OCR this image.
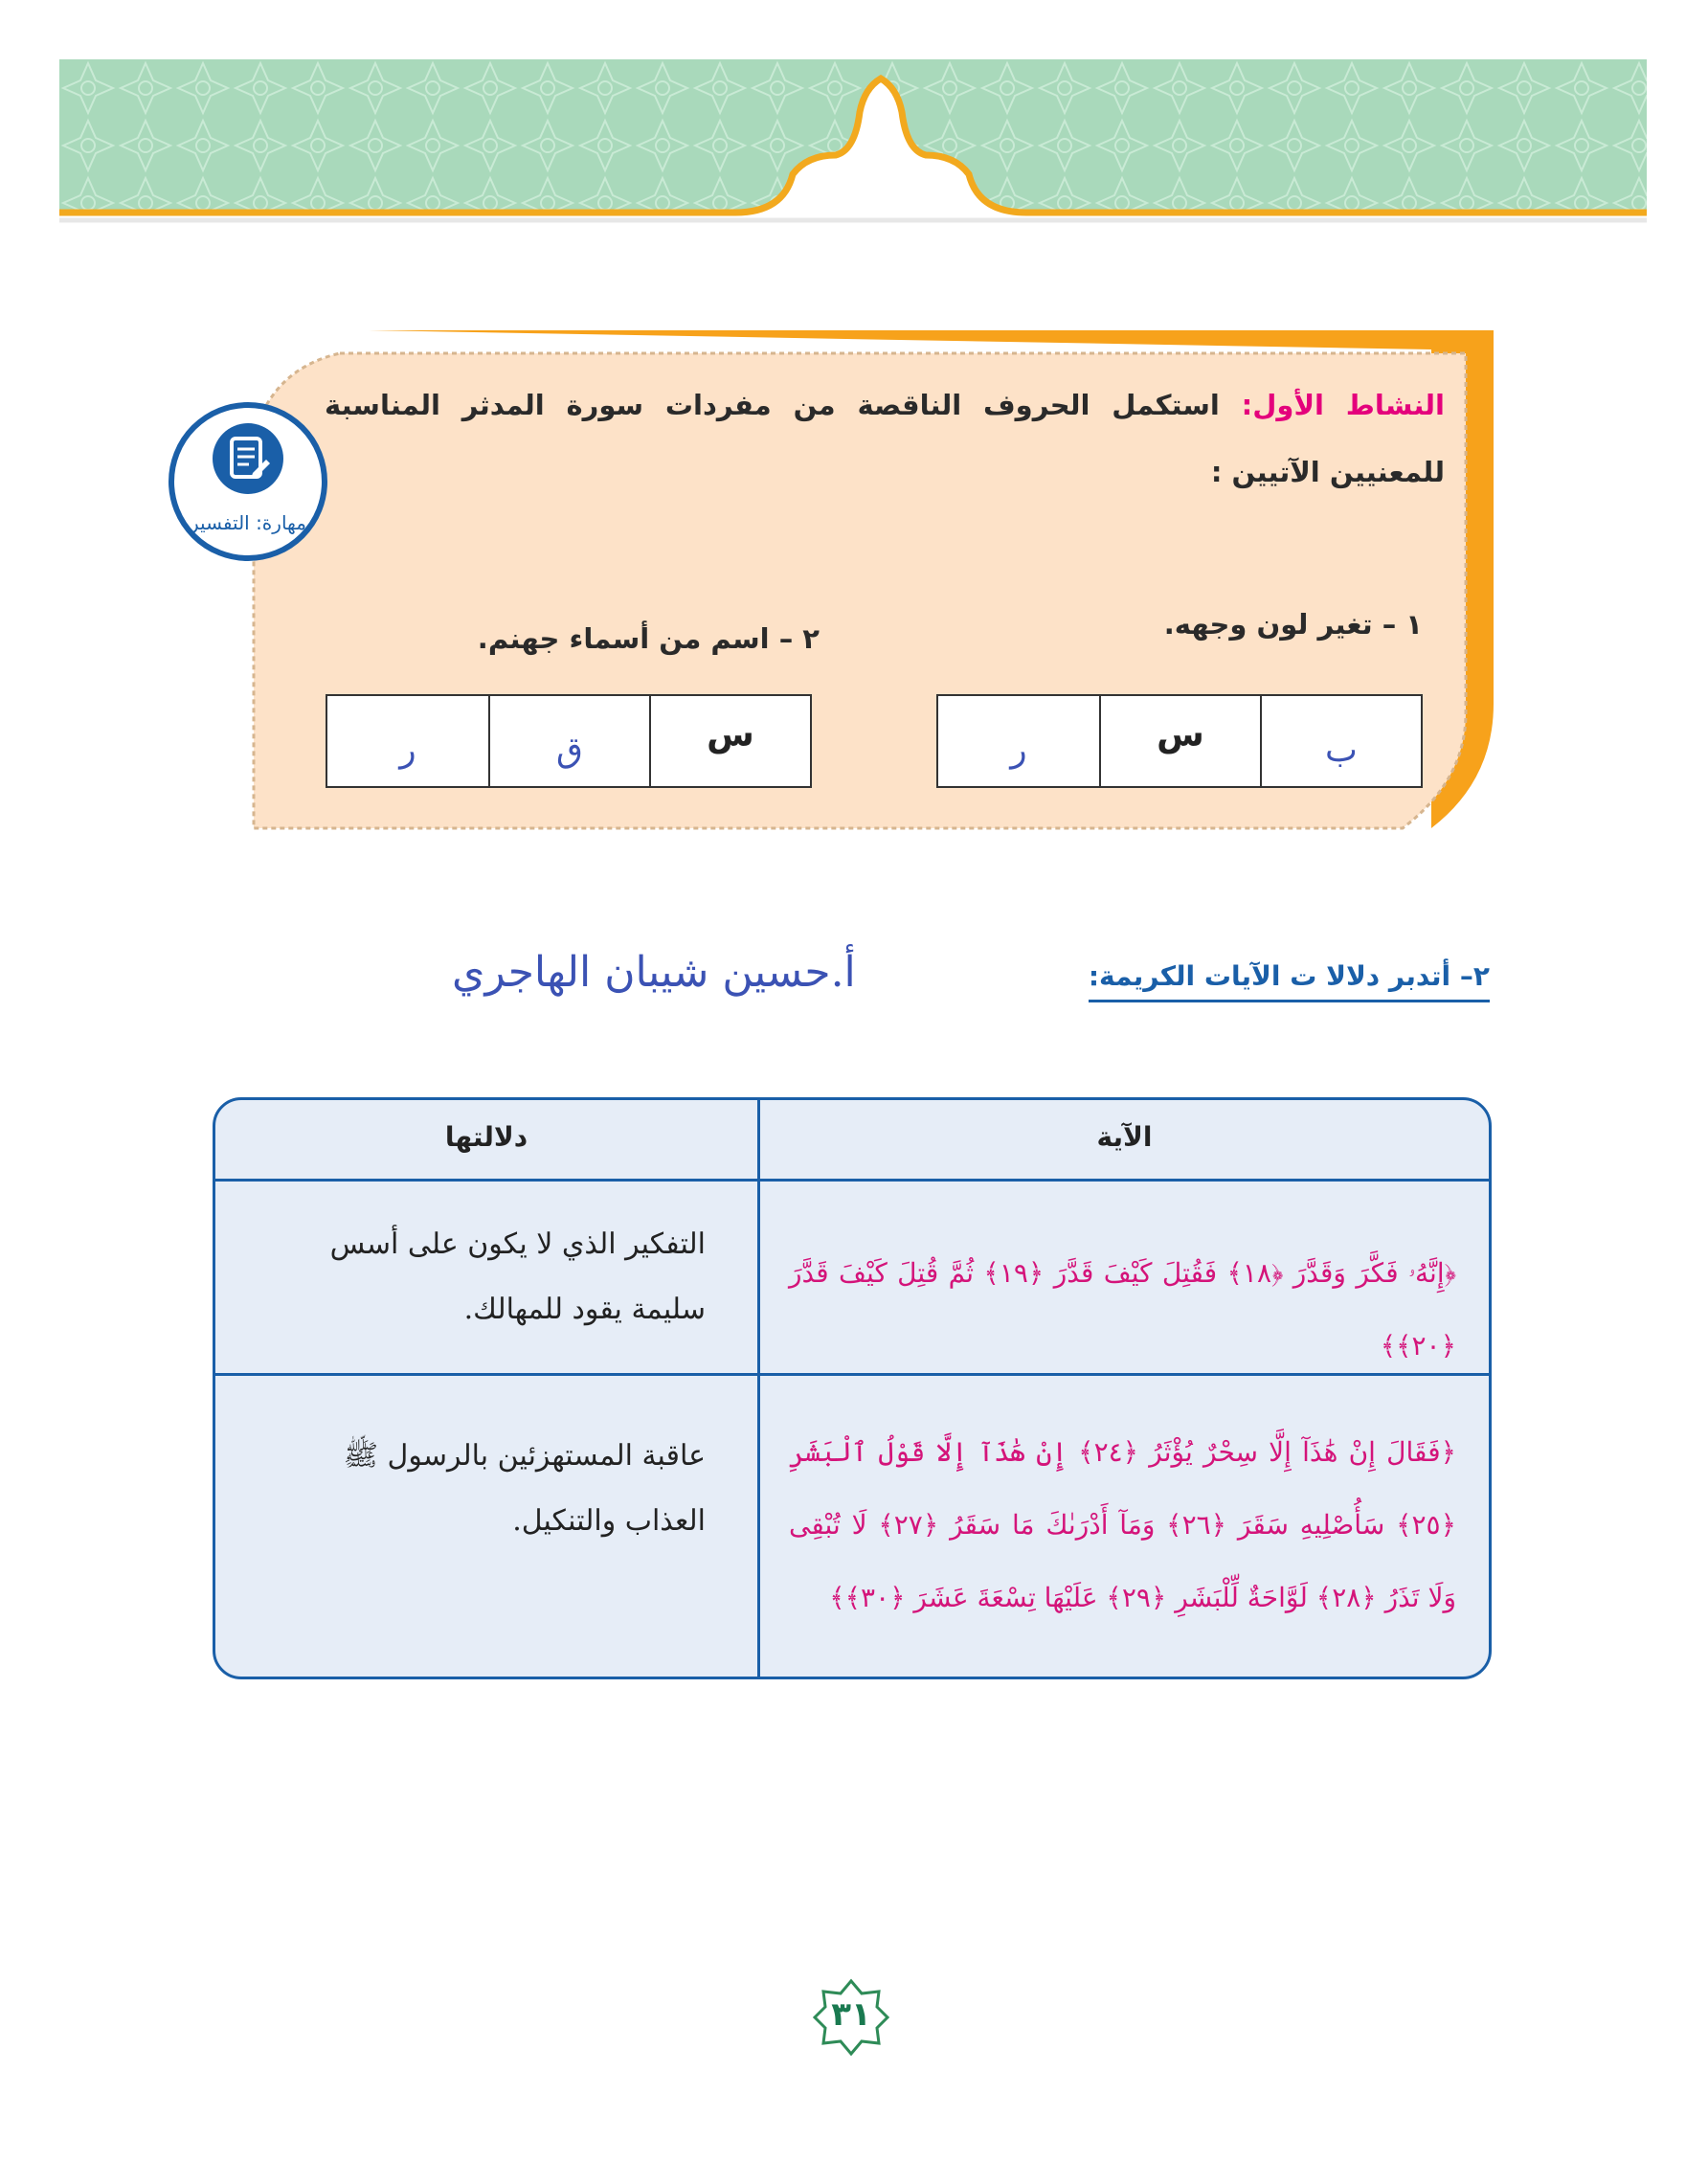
النشاط الأول: استكمل الحروف الناقصة من مفردات سورة المدثر المناسبة للمعنيين الآتيين :
مهارة: التفسير
١ – تغير لون وجهه.
ب
س
ر
٢ – اسم من أسماء جهنم.
س
ق
ر
٢– أتدبر دلالا ت الآيات الكريمة:
أ.حسين شيبان الهاجري
الآية
دلالتها
﴿إِنَّهُۥ فَكَّرَ وَقَدَّرَ ﴿١٨﴾ فَقُتِلَ كَيْفَ قَدَّرَ ﴿١٩﴾ ثُمَّ قُتِلَ كَيْفَ قَدَّرَ ﴿٢٠﴾﴾
التفكير الذي لا يكون على أسس سليمة يقود للمهالك.
﴿فَقَالَ إِنْ هَٰذَآ إِلَّا سِحْرٌ يُؤْثَرُ ﴿٢٤﴾ إِنْ هَٰذَآ إِلَّا قَوْلُ ٱلْبَشَرِ ﴿٢٥﴾ سَأُصْلِيهِ سَقَرَ ﴿٢٦﴾ وَمَآ أَدْرَىٰكَ مَا سَقَرُ ﴿٢٧﴾ لَا تُبْقِى وَلَا تَذَرُ ﴿٢٨﴾ لَوَّاحَةٌ لِّلْبَشَرِ ﴿٢٩﴾ عَلَيْهَا تِسْعَةَ عَشَرَ ﴿٣٠﴾﴾
عاقبة المستهزئين بالرسول ﷺ العذاب والتنكيل.
٣١
